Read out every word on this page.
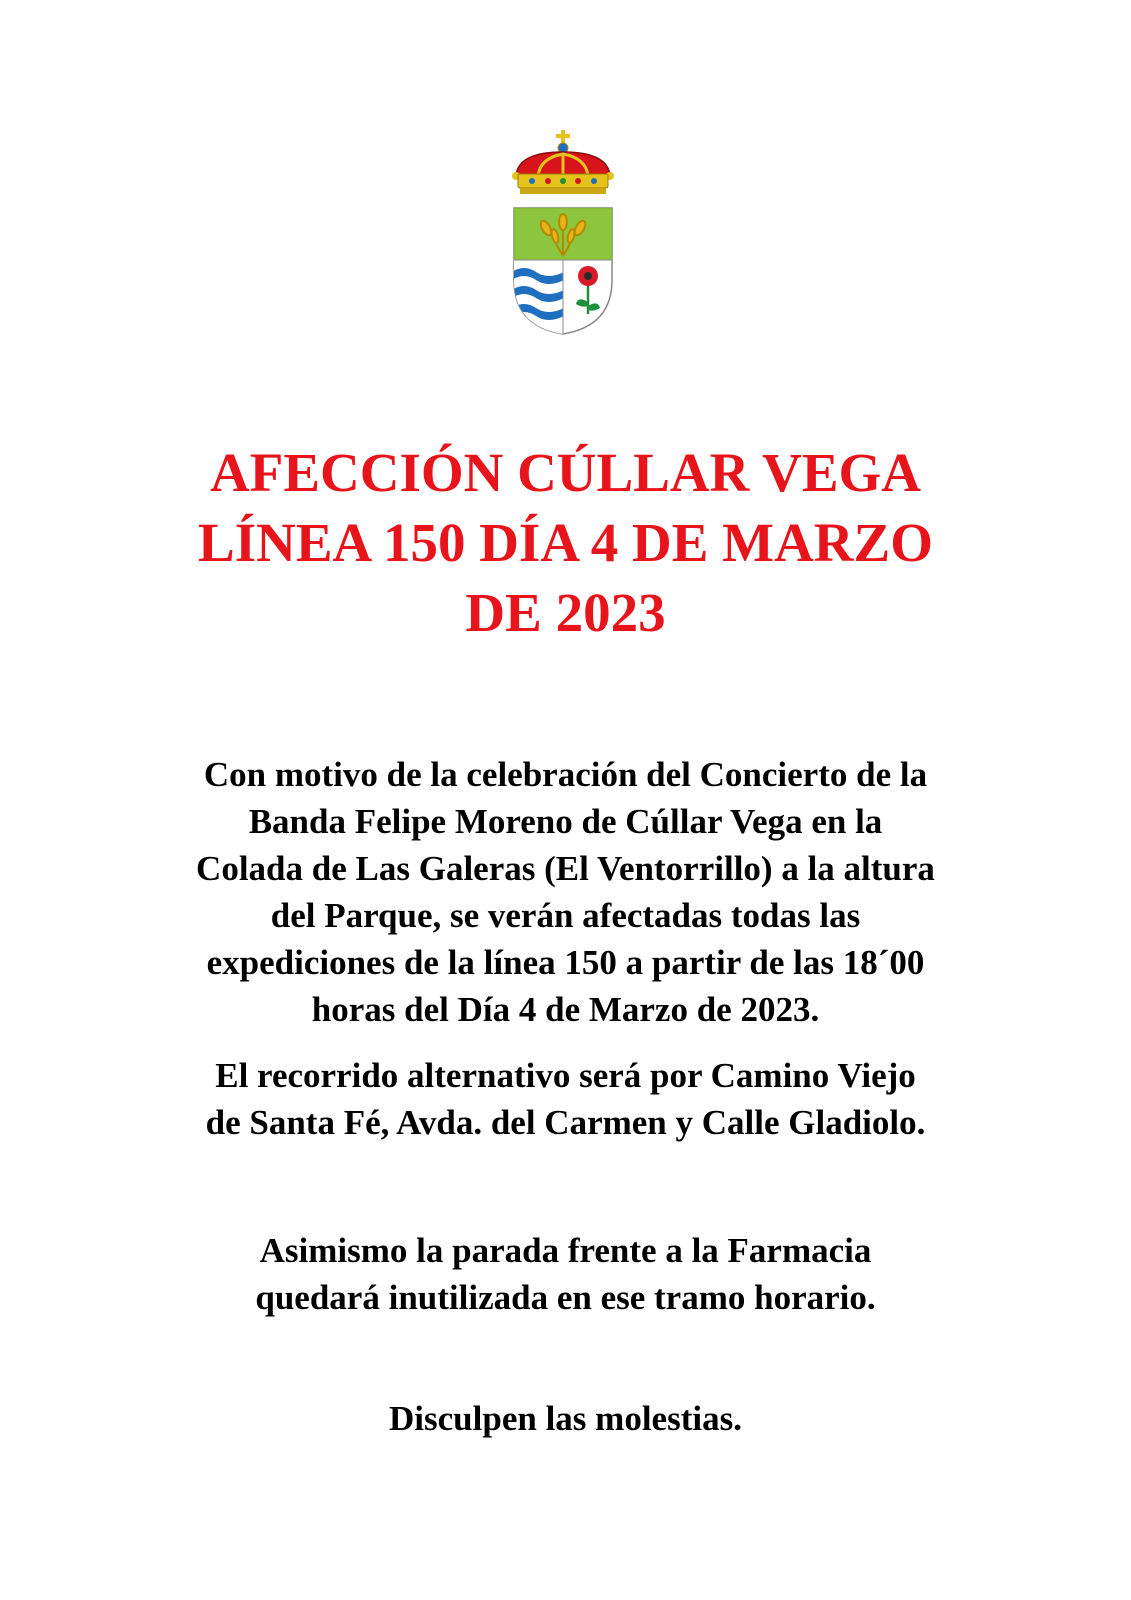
AFECCIÓN CÚLLAR VEGA
LÍNEA 150 DÍA 4 DE MARZO
DE 2023

Con motivo de la celebración del Concierto de la
Banda Felipe Moreno de Cúllar Vega en la
Colada de Las Galeras (El Ventorrillo) a la altura
del Parque, se verán afectadas todas las
expediciones de la línea 150 a partir de las 18´00
horas del Día 4 de Marzo de 2023.

El recorrido alternativo será por Camino Viejo
de Santa Fé, Avda. del Carmen y Calle Gladiolo.

Asimismo la parada frente a la Farmacia
quedará inutilizada en ese tramo horario.

Disculpen las molestias.
